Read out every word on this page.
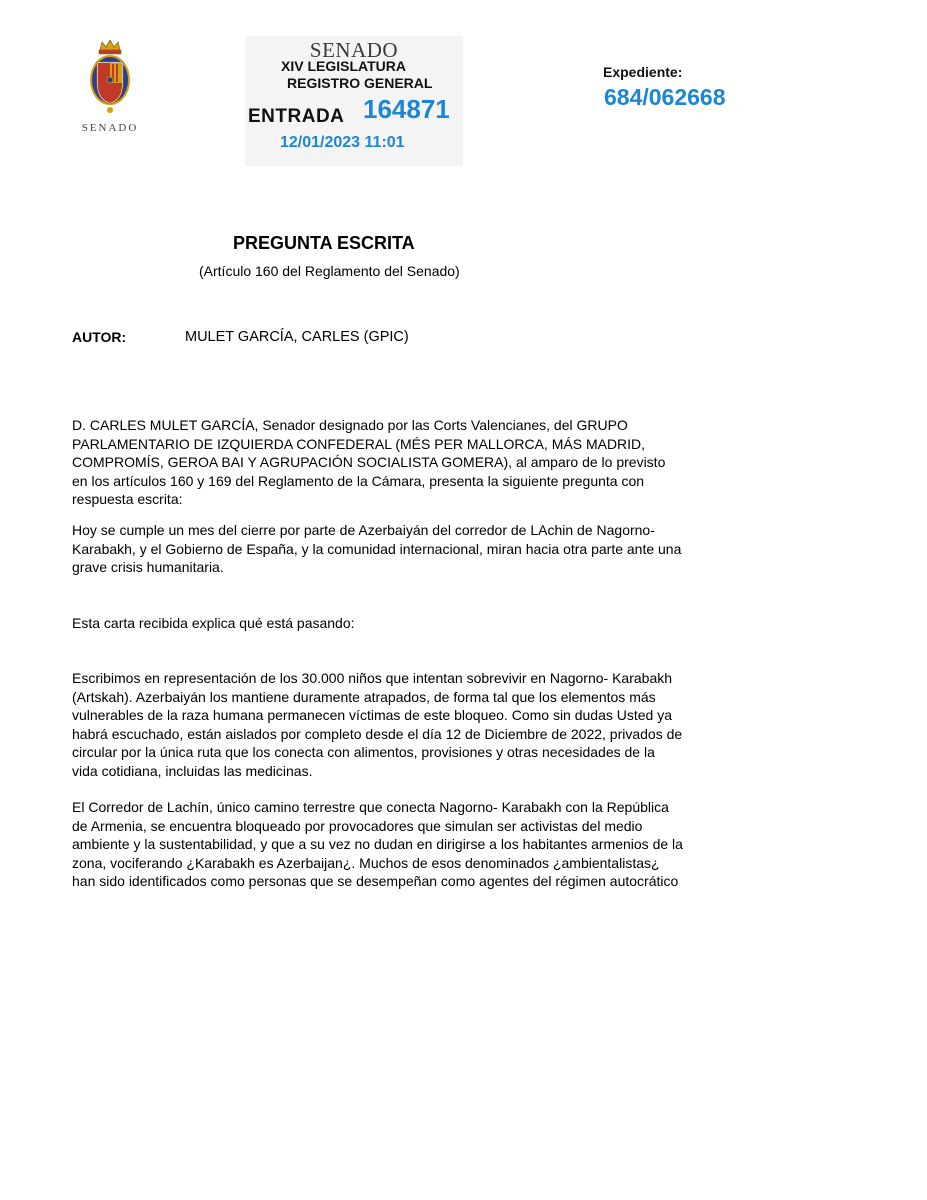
SENADO
SENADO
XIV LEGISLATURA
REGISTRO GENERAL
ENTRADA 164871
12/01/2023 11:01
Expediente:
684/062668
PREGUNTA ESCRITA
(Artículo 160 del Reglamento del Senado)
AUTOR:	MULET GARCÍA, CARLES (GPIC)
D. CARLES MULET GARCÍA, Senador designado por las Corts Valencianes, del GRUPO
PARLAMENTARIO DE IZQUIERDA CONFEDERAL (MÉS PER MALLORCA, MÁS MADRID,
COMPROMÍS, GEROA BAI Y AGRUPACIÓN SOCIALISTA GOMERA), al amparo de lo previsto
en los artículos 160 y 169 del Reglamento de la Cámara, presenta la siguiente pregunta con
respuesta escrita:
Hoy se cumple un mes del cierre por parte de Azerbaiyán del corredor de LAchin de Nagorno-
Karabakh, y el Gobierno de España, y la comunidad internacional, miran hacia otra parte ante una
grave crisis humanitaria.
Esta carta recibida explica qué está pasando:
Escribimos en representación de los 30.000 niños que intentan sobrevivir en Nagorno- Karabakh
(Artskah). Azerbaiyán los mantiene duramente atrapados, de forma tal que los elementos más
vulnerables de la raza humana permanecen víctimas de este bloqueo. Como sin dudas Usted ya
habrá escuchado, están aislados por completo desde el día 12 de Diciembre de 2022, privados de
circular por la única ruta que los conecta con alimentos, provisiones y otras necesidades de la
vida cotidiana, incluidas las medicinas.
El Corredor de Lachín, único camino terrestre que conecta Nagorno- Karabakh con la República
de Armenia, se encuentra bloqueado por provocadores que simulan ser activistas del medio
ambiente y la sustentabilidad, y que a su vez no dudan en dirigirse a los habitantes armenios de la
zona, vociferando ¿Karabakh es Azerbaijan¿. Muchos de esos denominados ¿ambientalistas¿
han sido identificados como personas que se desempeñan como agentes del régimen autocrático
